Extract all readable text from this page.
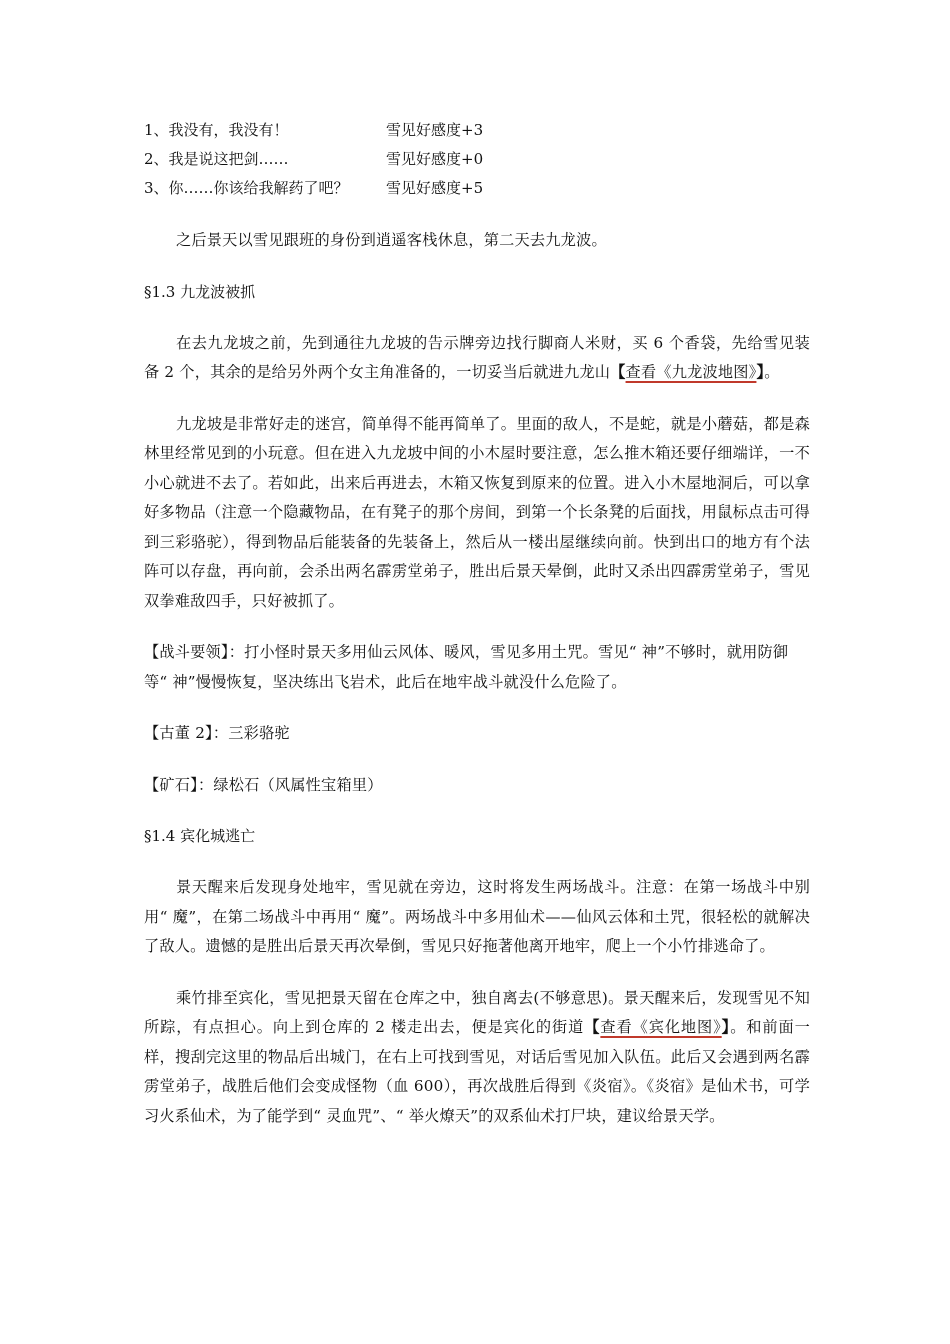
1、我没有，我没有！	雪见好感度+3
2、我是说这把剑……	雪见好感度+0
3、你……你该给我解药了吧？	雪见好感度+5

之后景天以雪见跟班的身份到逍遥客栈休息，第二天去九龙波。

§1.3 九龙波被抓

在去九龙坡之前，先到通往九龙坡的告示牌旁边找行脚商人米财，买 6 个香袋，先给雪见装备 2 个，其余的是给另外两个女主角准备的，一切妥当后就进九龙山【查看《九龙波地图》】。

九龙坡是非常好走的迷宫，简单得不能再简单了。里面的敌人，不是蛇，就是小蘑菇，都是森林里经常见到的小玩意。但在进入九龙坡中间的小木屋时要注意，怎么推木箱还要仔细端详，一不小心就进不去了。若如此，出来后再进去，木箱又恢复到原来的位置。进入小木屋地洞后，可以拿好多物品（注意一个隐藏物品，在有凳子的那个房间，到第一个长条凳的后面找，用鼠标点击可得到三彩骆驼），得到物品后能装备的先装备上，然后从一楼出屋继续向前。快到出口的地方有个法阵可以存盘，再向前，会杀出两名霹雳堂弟子，胜出后景天晕倒，此时又杀出四霹雳堂弟子，雪见双拳难敌四手，只好被抓了。

【战斗要领】：打小怪时景天多用仙云风体、暖风，雪见多用土咒。雪见“ 神”不够时，就用防御等“ 神”慢慢恢复，坚决练出飞岩术，此后在地牢战斗就没什么危险了。

【古董 2】：三彩骆驼

【矿石】：绿松石（风属性宝箱里）

§1.4 宾化城逃亡

景天醒来后发现身处地牢，雪见就在旁边，这时将发生两场战斗。注意：在第一场战斗中别用“ 魔”，在第二场战斗中再用“ 魔”。两场战斗中多用仙术——仙风云体和土咒，很轻松的就解决了敌人。遗憾的是胜出后景天再次晕倒，雪见只好拖著他离开地牢，爬上一个小竹排逃命了。

乘竹排至宾化，雪见把景天留在仓库之中，独自离去(不够意思)。景天醒来后，发现雪见不知所踪，有点担心。向上到仓库的 2 楼走出去，便是宾化的街道【查看《宾化地图》】。和前面一样，搜刮完这里的物品后出城门，在右上可找到雪见，对话后雪见加入队伍。此后又会遇到两名霹雳堂弟子，战胜后他们会变成怪物（血 600），再次战胜后得到《炎宿》。《炎宿》是仙术书，可学习火系仙术，为了能学到“ 灵血咒”、“ 举火燎天”的双系仙术打尸块，建议给景天学。
